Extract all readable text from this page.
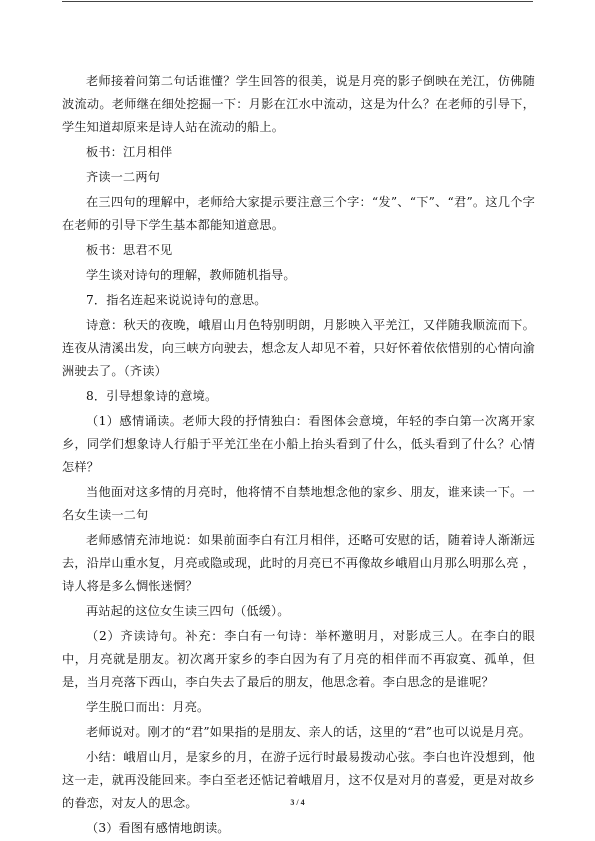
老师接着问第二句话谁懂？学生回答的很美，说是月亮的影子倒映在羌江，仿佛随波流动。老师继在细处挖掘一下：月影在江水中流动，这是为什么？在老师的引导下，学生知道却原来是诗人站在流动的船上。

板书：江月相伴

齐读一二两句

在三四句的理解中，老师给大家提示要注意三个字：“发”、“下”、“君”。这几个字在老师的引导下学生基本都能知道意思。

板书：思君不见

学生谈对诗句的理解，教师随机指导。

7．指名连起来说说诗句的意思。

诗意：秋天的夜晚，峨眉山月色特别明朗，月影映入平羌江，又伴随我顺流而下。连夜从清溪出发，向三峡方向驶去，想念友人却见不着，只好怀着依依惜别的心情向渝洲驶去了。（齐读）

8．引导想象诗的意境。

（1）感情诵读。老师大段的抒情独白：看图体会意境，年轻的李白第一次离开家乡，同学们想象诗人行船于平羌江坐在小船上抬头看到了什么，低头看到了什么？心情怎样？

当他面对这多情的月亮时，他将情不自禁地想念他的家乡、朋友，谁来读一下。一名女生读一二句

老师感情充沛地说：如果前面李白有江月相伴，还略可安慰的话，随着诗人渐渐远去，沿岸山重水复，月亮或隐或现，此时的月亮已不再像故乡峨眉山月那么明那么亮 ，诗人将是多么惆怅迷惘？

再站起的这位女生读三四句（低缓）。

（2）齐读诗句。补充：李白有一句诗：举杯邀明月，对影成三人。在李白的眼中，月亮就是朋友。初次离开家乡的李白因为有了月亮的相伴而不再寂寞、孤单，但是，当月亮落下西山，李白失去了最后的朋友，他思念着。李白思念的是谁呢？

学生脱口而出：月亮。

老师说对。刚才的“君”如果指的是朋友、亲人的话，这里的“君”也可以说是月亮。

小结：峨眉山月，是家乡的月，在游子远行时最易拨动心弦。李白也许没想到，他这一走，就再没能回来。李白至老还惦记着峨眉月，这不仅是对月的喜爱，更是对故乡的眷恋，对友人的思念。

（3）看图有感情地朗读。

3 / 4
